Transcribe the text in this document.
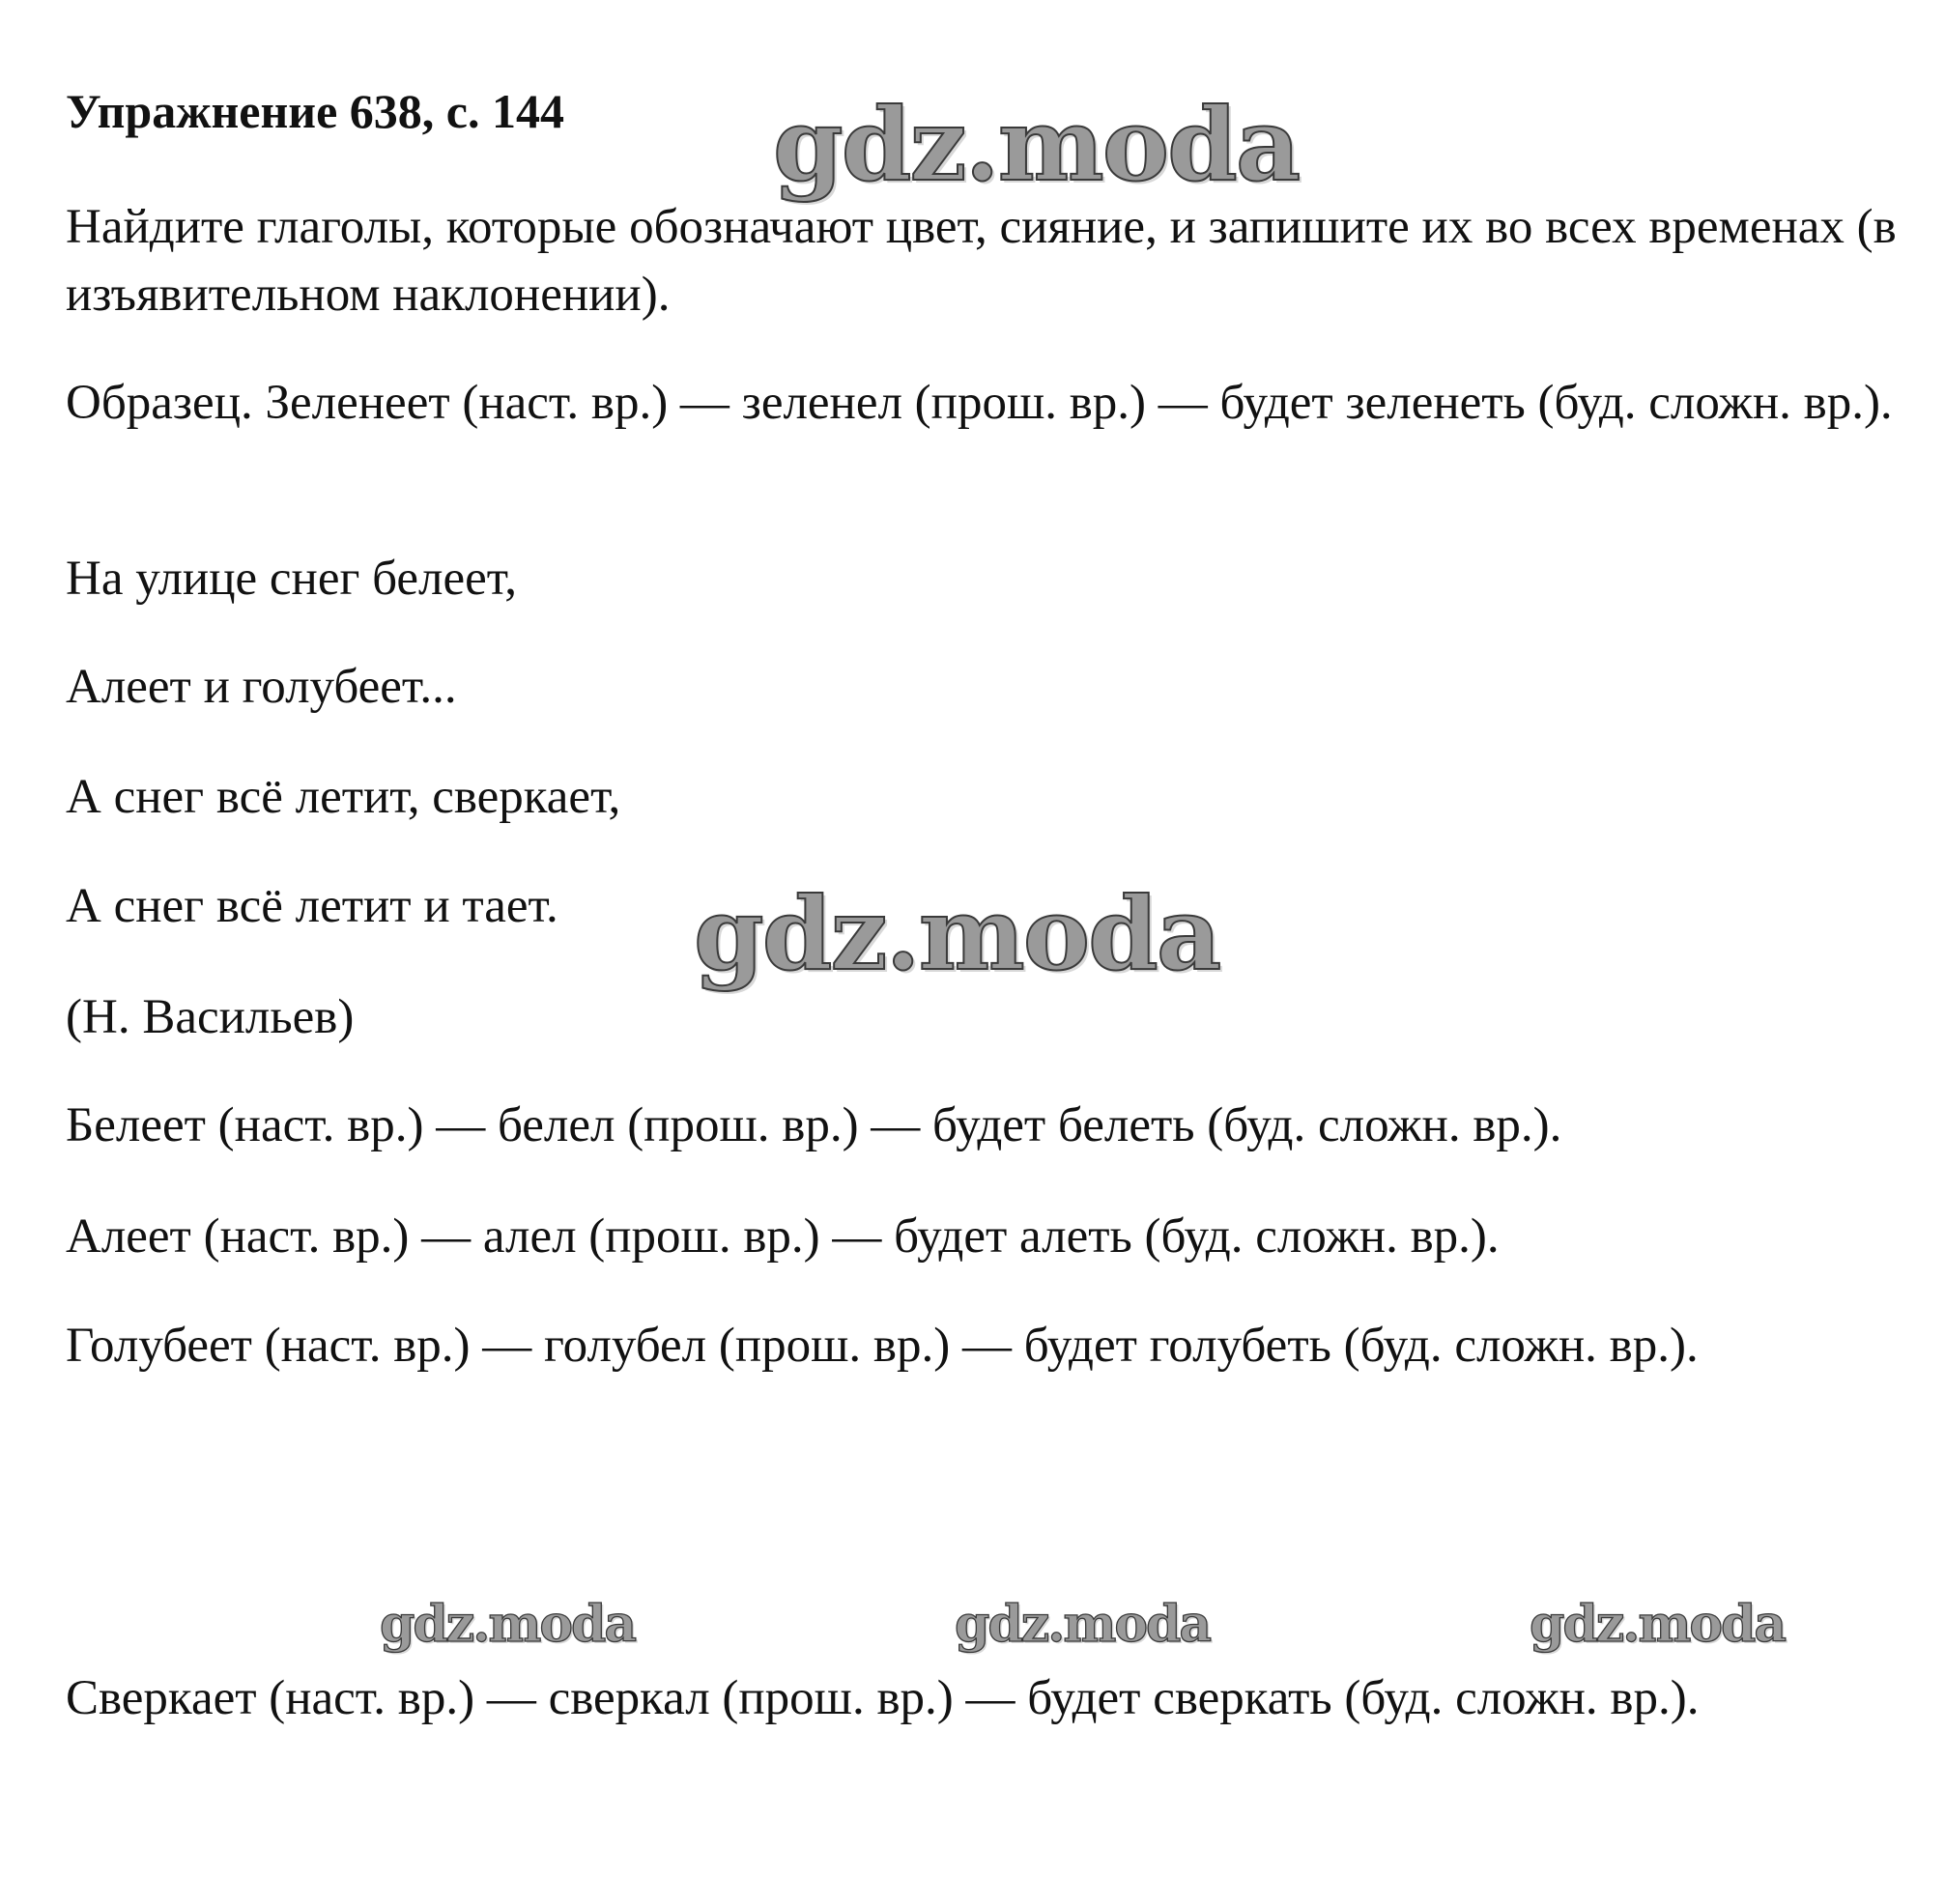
Упражнение 638, с. 144 gdz.moda

Найдите глаголы, которые обозначают цвет, сияние, и запишите их во всех временах (в изъявительном наклонении).

Образец. Зеленеет (наст. вр.) — зеленел (прош. вр.) — будет зеленеть (буд. сложн. вр.).

На улице снег белеет,

Алеет и голубеет...

А снег всё летит, сверкает,

А снег всё летит и тает.	gdz.moda

(Н. Васильев)

Белеет (наст. вр.) — белел (прош. вр.) — будет белеть (буд. сложн. вр.).

Алеет (наст. вр.) — алел (прош. вр.) — будет алеть (буд. сложн. вр.).

Голубеет (наст. вр.) — голубел (прош. вр.) — будет голубеть (буд. сложн. вр.).

gdz.moda	gdz.moda	gdz.moda

Сверкает (наст. вр.) — сверкал (прош. вр.) — будет сверкать (буд. сложн. вр.).
